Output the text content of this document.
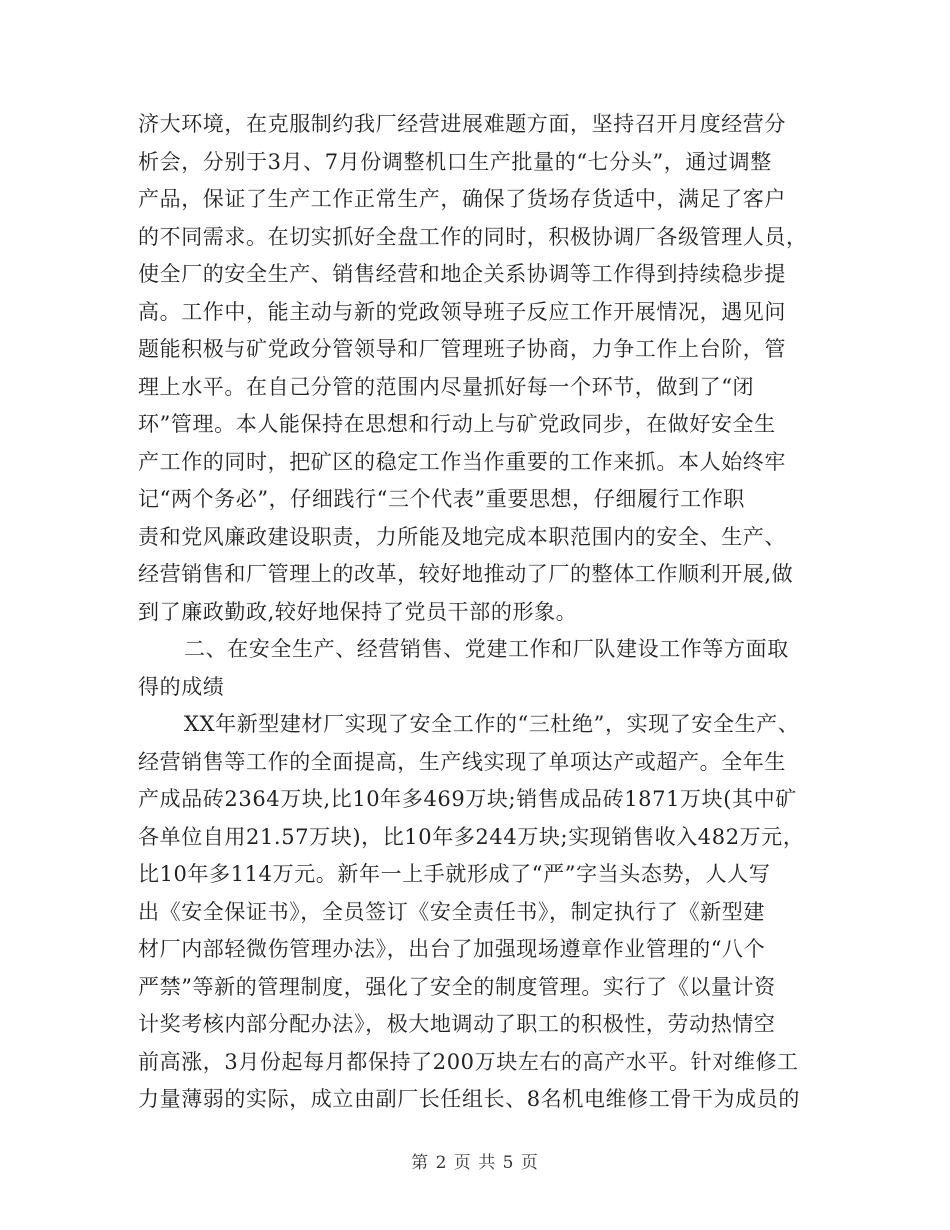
济大环境，在克服制约我厂经营进展难题方面，坚持召开月度经营分
析会，分别于3月、7月份调整机口生产批量的“七分头”，通过调整
产品，保证了生产工作正常生产，确保了货场存货适中，满足了客户
的不同需求。在切实抓好全盘工作的同时，积极协调厂各级管理人员，
使全厂的安全生产、销售经营和地企关系协调等工作得到持续稳步提
高。工作中，能主动与新的党政领导班子反应工作开展情况，遇见问
题能积极与矿党政分管领导和厂管理班子协商，力争工作上台阶，管
理上水平。在自己分管的范围内尽量抓好每一个环节，做到了“闭
环”管理。本人能保持在思想和行动上与矿党政同步，在做好安全生
产工作的同时，把矿区的稳定工作当作重要的工作来抓。本人始终牢
记“两个务必”，仔细践行“三个代表”重要思想，仔细履行工作职
责和党风廉政建设职责，力所能及地完成本职范围内的安全、生产、
经营销售和厂管理上的改革，较好地推动了厂的整体工作顺利开展,做
到了廉政勤政,较好地保持了党员干部的形象。
二、在安全生产、经营销售、党建工作和厂队建设工作等方面取
得的成绩
XX年新型建材厂实现了安全工作的“三杜绝”，实现了安全生产、
经营销售等工作的全面提高，生产线实现了单项达产或超产。全年生
产成品砖2364万块,比10年多469万块;销售成品砖1871万块(其中矿
各单位自用21.57万块)，比10年多244万块;实现销售收入482万元，
比10年多114万元。新年一上手就形成了“严”字当头态势，人人写
出《安全保证书》，全员签订《安全责任书》，制定执行了《新型建
材厂内部轻微伤管理办法》，出台了加强现场遵章作业管理的“八个
严禁”等新的管理制度，强化了安全的制度管理。实行了《以量计资
计奖考核内部分配办法》，极大地调动了职工的积极性，劳动热情空
前高涨，3月份起每月都保持了200万块左右的高产水平。针对维修工
力量薄弱的实际，成立由副厂长任组长、8名机电维修工骨干为成员的
第 2 页 共 5 页
